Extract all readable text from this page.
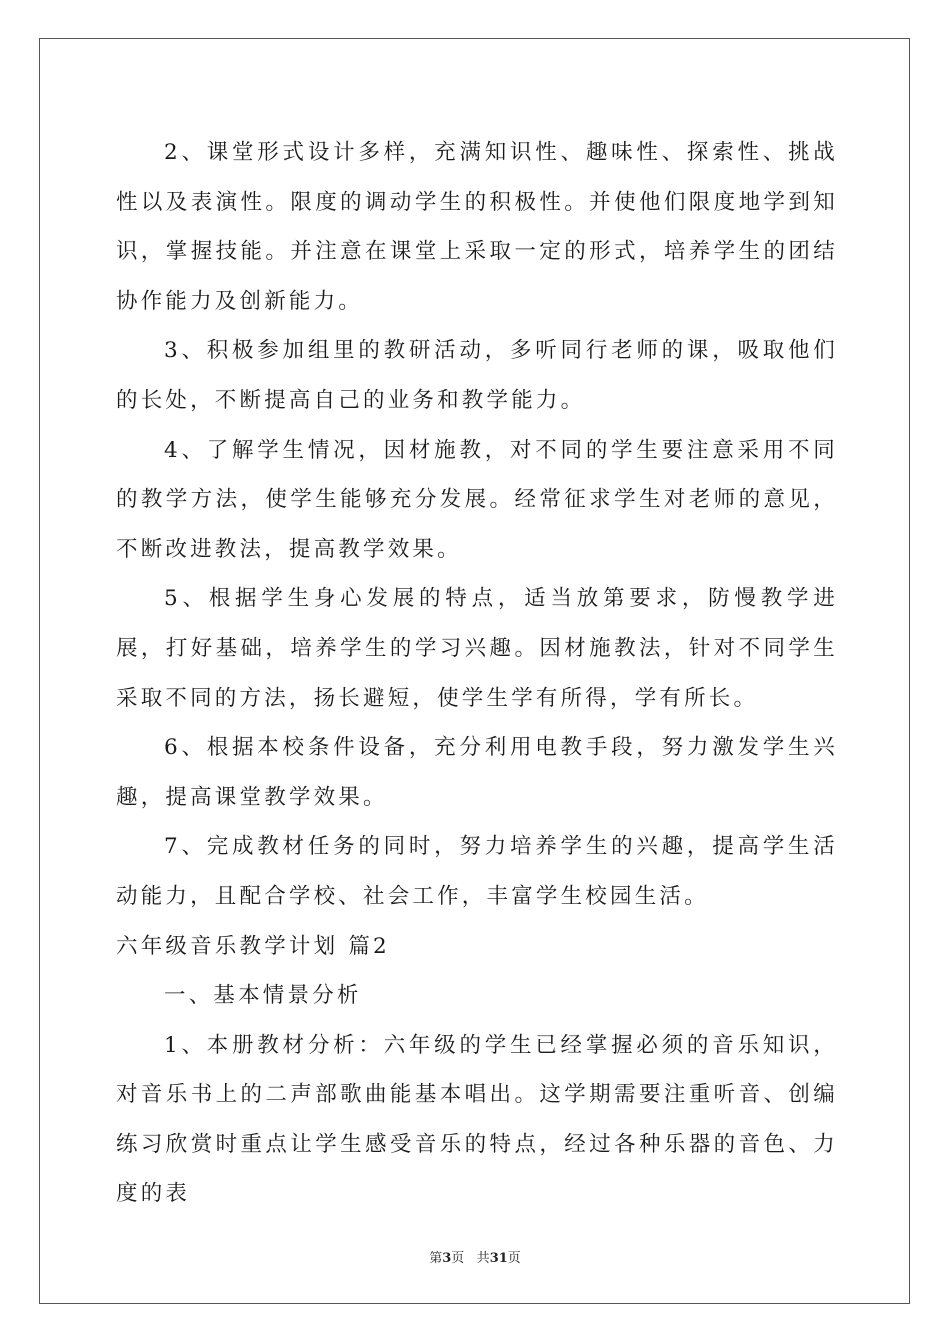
2、课堂形式设计多样，充满知识性、趣味性、探索性、挑战性以及表演性。限度的调动学生的积极性。并使他们限度地学到知识，掌握技能。并注意在课堂上采取一定的形式，培养学生的团结协作能力及创新能力。

3、积极参加组里的教研活动，多听同行老师的课，吸取他们的长处，不断提高自己的业务和教学能力。

4、了解学生情况，因材施教，对不同的学生要注意采用不同的教学方法，使学生能够充分发展。经常征求学生对老师的意见，不断改进教法，提高教学效果。

5、根据学生身心发展的特点，适当放第要求，防慢教学进展，打好基础，培养学生的学习兴趣。因材施教法，针对不同学生采取不同的方法，扬长避短，使学生学有所得，学有所长。

6、根据本校条件设备，充分利用电教手段，努力激发学生兴趣，提高课堂教学效果。

7、完成教材任务的同时，努力培养学生的兴趣，提高学生活动能力，且配合学校、社会工作，丰富学生校园生活。

六年级音乐教学计划 篇2

一、基本情景分析

1、本册教材分析：六年级的学生已经掌握必须的音乐知识，对音乐书上的二声部歌曲能基本唱出。这学期需要注重听音、创编练习欣赏时重点让学生感受音乐的特点，经过各种乐器的音色、力度的表

第3页 共31页
